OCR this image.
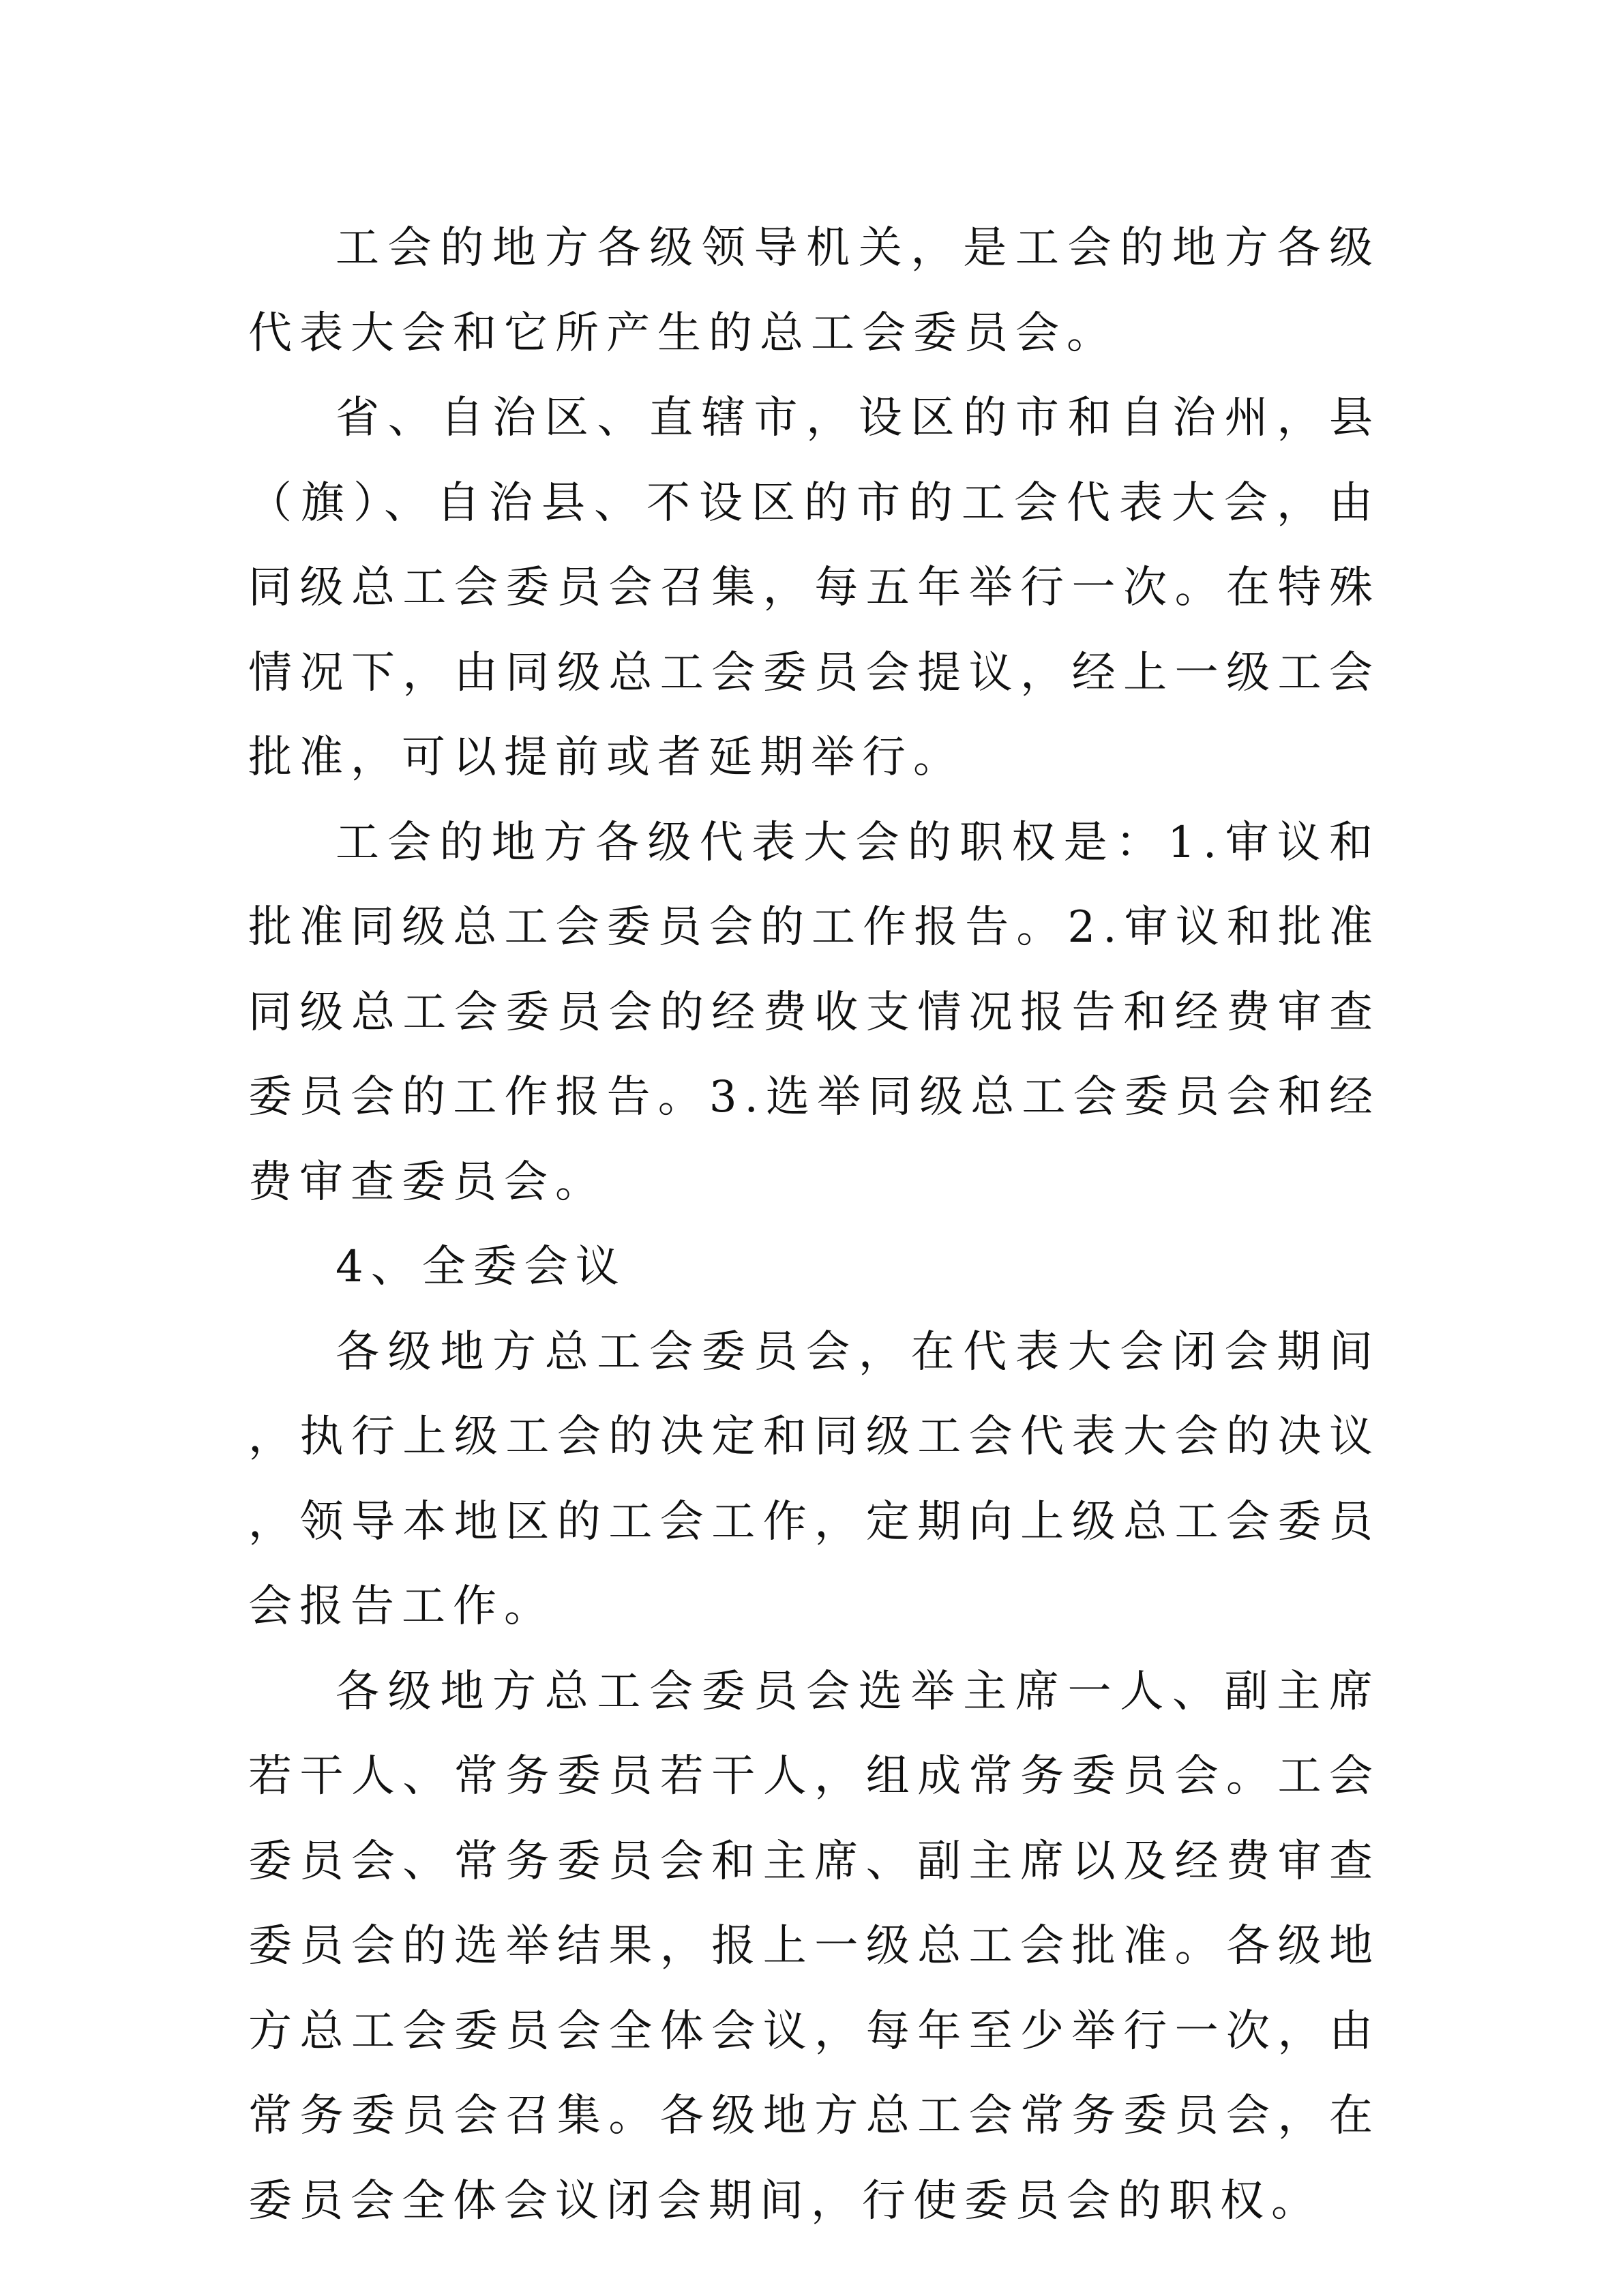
工会的地方各级领导机关，是工会的地方各级代表大会和它所产生的总工会委员会。

省、自治区、直辖市，设区的市和自治州，县（旗）、自治县、不设区的市的工会代表大会，由同级总工会委员会召集，每五年举行一次。在特殊情况下，由同级总工会委员会提议，经上一级工会批准，可以提前或者延期举行。

工会的地方各级代表大会的职权是：1.审议和批准同级总工会委员会的工作报告。2.审议和批准同级总工会委员会的经费收支情况报告和经费审查委员会的工作报告。3.选举同级总工会委员会和经费审查委员会。

4、全委会议

各级地方总工会委员会，在代表大会闭会期间，执行上级工会的决定和同级工会代表大会的决议，领导本地区的工会工作，定期向上级总工会委员会报告工作。

各级地方总工会委员会选举主席一人、副主席若干人、常务委员若干人，组成常务委员会。工会委员会、常务委员会和主席、副主席以及经费审查委员会的选举结果，报上一级总工会批准。各级地方总工会委员会全体会议，每年至少举行一次，由常务委员会召集。各级地方总工会常务委员会，在委员会全体会议闭会期间，行使委员会的职权。
